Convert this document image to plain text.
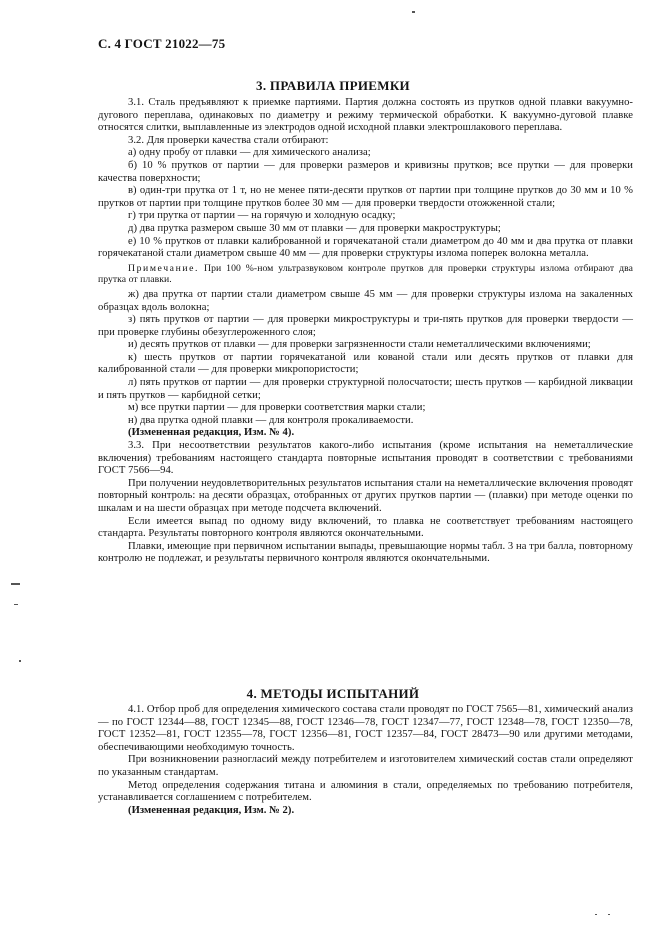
С. 4 ГОСТ 21022—75
3. ПРАВИЛА ПРИЕМКИ

3.1. Сталь предъявляют к приемке партиями. Партия должна состоять из прутков одной плавки вакуумно-дугового переплава, одинаковых по диаметру и режиму термической обработки. К вакуумно-дуговой плавке относятся слитки, выплавленные из электродов одной исходной плавки электрошлакового переплава.

3.2. Для проверки качества стали отбирают:

а) одну пробу от плавки — для химического анализа;

б) 10 % прутков от партии — для проверки размеров и кривизны прутков; все прутки — для проверки качества поверхности;

в) один-три прутка от 1 т, но не менее пяти-десяти прутков от партии при толщине прутков до 30 мм и 10 % прутков от партии при толщине прутков более 30 мм — для проверки твердости отожженной стали;

г) три прутка от партии — на горячую и холодную осадку;

д) два прутка размером свыше 30 мм от плавки — для проверки макроструктуры;

е) 10 % прутков от плавки калиброванной и горячекатаной стали диаметром до 40 мм и два прутка от плавки горячекатаной стали диаметром свыше 40 мм — для проверки структуры излома поперек волокна металла.

Примечание. При 100 %-ном ультразвуковом контроле прутков для проверки структуры излома отбирают два прутка от плавки.

ж) два прутка от партии стали диаметром свыше 45 мм — для проверки структуры излома на закаленных образцах вдоль волокна;

з) пять прутков от партии — для проверки микроструктуры и три-пять прутков для проверки твердости — при проверке глубины обезуглероженного слоя;

и) десять прутков от плавки — для проверки загрязненности стали неметаллическими включениями;

к) шесть прутков от партии горячекатаной или кованой стали или десять прутков от плавки для калиброванной стали — для проверки микропористости;

л) пять прутков от партии — для проверки структурной полосчатости; шесть прутков — карбидной ликвации и пять прутков — карбидной сетки;

м) все прутки партии — для проверки соответствия марки стали;

н) два прутка одной плавки — для контроля прокаливаемости.

(Измененная редакция, Изм. № 4).

3.3. При несоответствии результатов какого-либо испытания (кроме испытания на неметаллические включения) требованиям настоящего стандарта повторные испытания проводят в соответствии с требованиями ГОСТ 7566—94.

При получении неудовлетворительных результатов испытания стали на неметаллические включения проводят повторный контроль: на десяти образцах, отобранных от других прутков партии — (плавки) при методе оценки по шкалам и на шести образцах при методе подсчета включений.

Если имеется выпад по одному виду включений, то плавка не соответствует требованиям настоящего стандарта. Результаты повторного контроля являются окончательными.

Плавки, имеющие при первичном испытании выпады, превышающие нормы табл. 3 на три балла, повторному контролю не подлежат, и результаты первичного контроля являются окончательными.

4. МЕТОДЫ ИСПЫТАНИЙ

4.1. Отбор проб для определения химического состава стали проводят по ГОСТ 7565—81, химический анализ — по ГОСТ 12344—88, ГОСТ 12345—88, ГОСТ 12346—78, ГОСТ 12347—77, ГОСТ 12348—78, ГОСТ 12350—78, ГОСТ 12352—81, ГОСТ 12355—78, ГОСТ 12356—81, ГОСТ 12357—84, ГОСТ 28473—90 или другими методами, обеспечивающими необходимую точность.

При возникновении разногласий между потребителем и изготовителем химический состав стали определяют по указанным стандартам.

Метод определения содержания титана и алюминия в стали, определяемых по требованию потребителя, устанавливается соглашением с потребителем.

(Измененная редакция, Изм. № 2).
